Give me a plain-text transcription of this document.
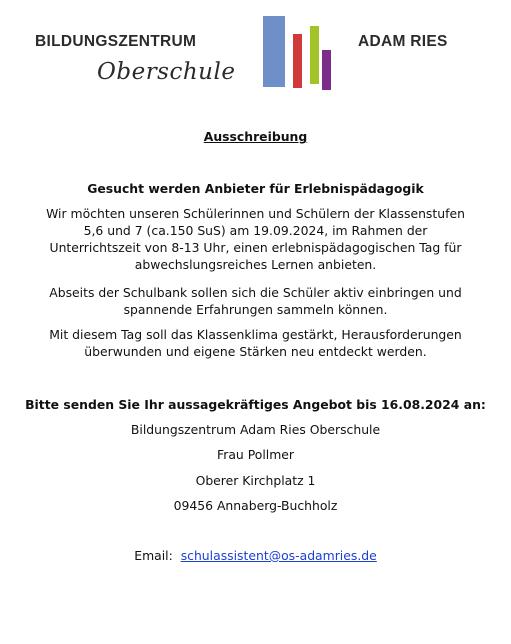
BILDUNGSZENTRUM	ADAM RIES
Oberschule
Ausschreibung
Gesucht werden Anbieter für Erlebnispädagogik
Wir möchten unseren Schülerinnen und Schülern der Klassenstufen
5,6 und 7 (ca.150 SuS) am 19.09.2024, im Rahmen der
Unterrichtszeit von 8-13 Uhr, einen erlebnispädagogischen Tag für
abwechslungsreiches Lernen anbieten.
Abseits der Schulbank sollen sich die Schüler aktiv einbringen und
spannende Erfahrungen sammeln können.
Mit diesem Tag soll das Klassenklima gestärkt, Herausforderungen
überwunden und eigene Stärken neu entdeckt werden.
Bitte senden Sie Ihr aussagekräftiges Angebot bis 16.08.2024 an:
Bildungszentrum Adam Ries Oberschule
Frau Pollmer
Oberer Kirchplatz 1
09456 Annaberg-Buchholz
Email: schulassistent@os-adamries.de
